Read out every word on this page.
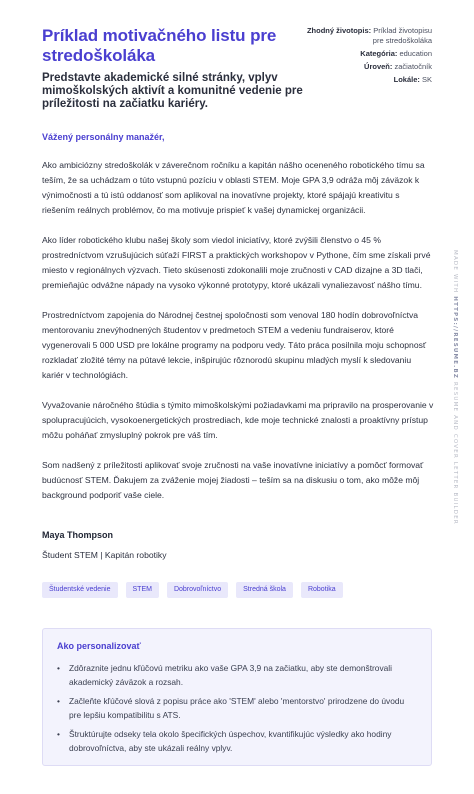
Príklad motivačného listu pre stredoškoláka

Predstavte akademické silné stránky, vplyv mimoškolských aktivít a komunitné vedenie pre príležitosti na začiatku kariéry.

Zhodný životopis: Príklad životopisu pre stredoškoláka
Kategória: education
Úroveň: začiatočník
Lokále: SK

Vážený personálny manažér,

Ako ambiciózny stredoškolák v záverečnom ročníku a kapitán nášho oceneného robotického tímu sa teším, že sa uchádzam o túto vstupnú pozíciu v oblasti STEM. Moje GPA 3,9 odráža môj záväzok k výnimočnosti a tú istú oddanosť som aplikoval na inovatívne projekty, ktoré spájajú kreativitu s riešením reálnych problémov, čo ma motivuje prispieť k vašej dynamickej organizácii.

Ako líder robotického klubu našej školy som viedol iniciatívy, ktoré zvýšili členstvo o 45 % prostredníctvom vzrušujúcich súťaží FIRST a praktických workshopov v Pythone, čím sme získali prvé miesto v regionálnych výzvach. Tieto skúsenosti zdokonalili moje zručnosti v CAD dizajne a 3D tlači, premieňajúc odvážne nápady na vysoko výkonné prototypy, ktoré ukázali vynaliezavosť nášho tímu.

Prostredníctvom zapojenia do Národnej čestnej spoločnosti som venoval 180 hodín dobrovoľníctva mentorovaniu znevýhodnených študentov v predmetoch STEM a vedeniu fundraiserov, ktoré vygenerovali 5 000 USD pre lokálne programy na podporu vedy. Táto práca posilnila moju schopnosť rozkladať zložité témy na pútavé lekcie, inšpirujúc rôznorodú skupinu mladých myslí k sledovaniu kariér v technológiách.

Vyvažovanie náročného štúdia s týmito mimoškolskými požiadavkami ma pripravilo na prosperovanie v spolupracujúcich, vysokoenergetických prostrediach, kde moje technické znalosti a proaktívny prístup môžu poháňať zmysluplný pokrok pre váš tím.

Som nadšený z príležitosti aplikovať svoje zručnosti na vaše inovatívne iniciatívy a pomôcť formovať budúcnosť STEM. Ďakujem za zváženie mojej žiadosti – teším sa na diskusiu o tom, ako môže môj background podporiť vaše ciele.

Maya Thompson

Študent STEM | Kapitán robotiky

Študentské vedenie	STEM	Dobrovoľníctvo	Stredná škola	Robotika

Ako personalizovať

• Zdôraznite jednu kľúčovú metriku ako vaše GPA 3,9 na začiatku, aby ste demonštrovali akademický záväzok a rozsah.
• Začleňte kľúčové slová z popisu práce ako 'STEM' alebo 'mentorstvo' prirodzene do úvodu pre lepšiu kompatibilitu s ATS.
• Štruktúrujte odseky tela okolo špecifických úspechov, kvantifikujúc výsledky ako hodiny dobrovoľníctva, aby ste ukázali reálny vplyv.
MADE WITH HTTPS://RESUME.BZ RESUME AND COVER LETTER BUILDER
